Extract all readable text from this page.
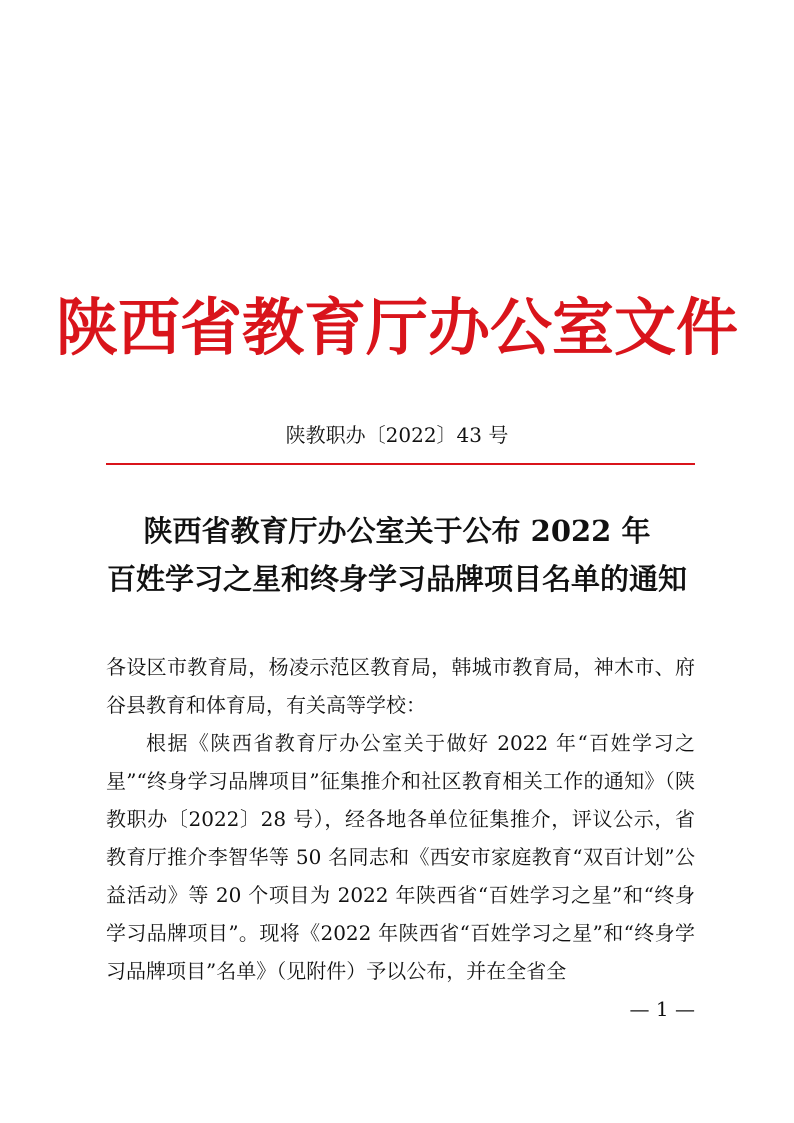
陕西省教育厅办公室文件
陕教职办〔2022〕43 号
陕西省教育厅办公室关于公布 2022 年
百姓学习之星和终身学习品牌项目名单的通知

各设区市教育局，杨凌示范区教育局，韩城市教育局，神木市、府谷县教育和体育局，有关高等学校：

根据《陕西省教育厅办公室关于做好 2022 年“百姓学习之星”“终身学习品牌项目”征集推介和社区教育相关工作的通知》（陕教职办〔2022〕28 号），经各地各单位征集推介，评议公示，省教育厅推介李智华等 50 名同志和《西安市家庭教育“双百计划”公益活动》等 20 个项目为 2022 年陕西省“百姓学习之星”和“终身学习品牌项目”。现将《2022 年陕西省“百姓学习之星”和“终身学习品牌项目”名单》（见附件）予以公布，并在全省全

— 1 —
